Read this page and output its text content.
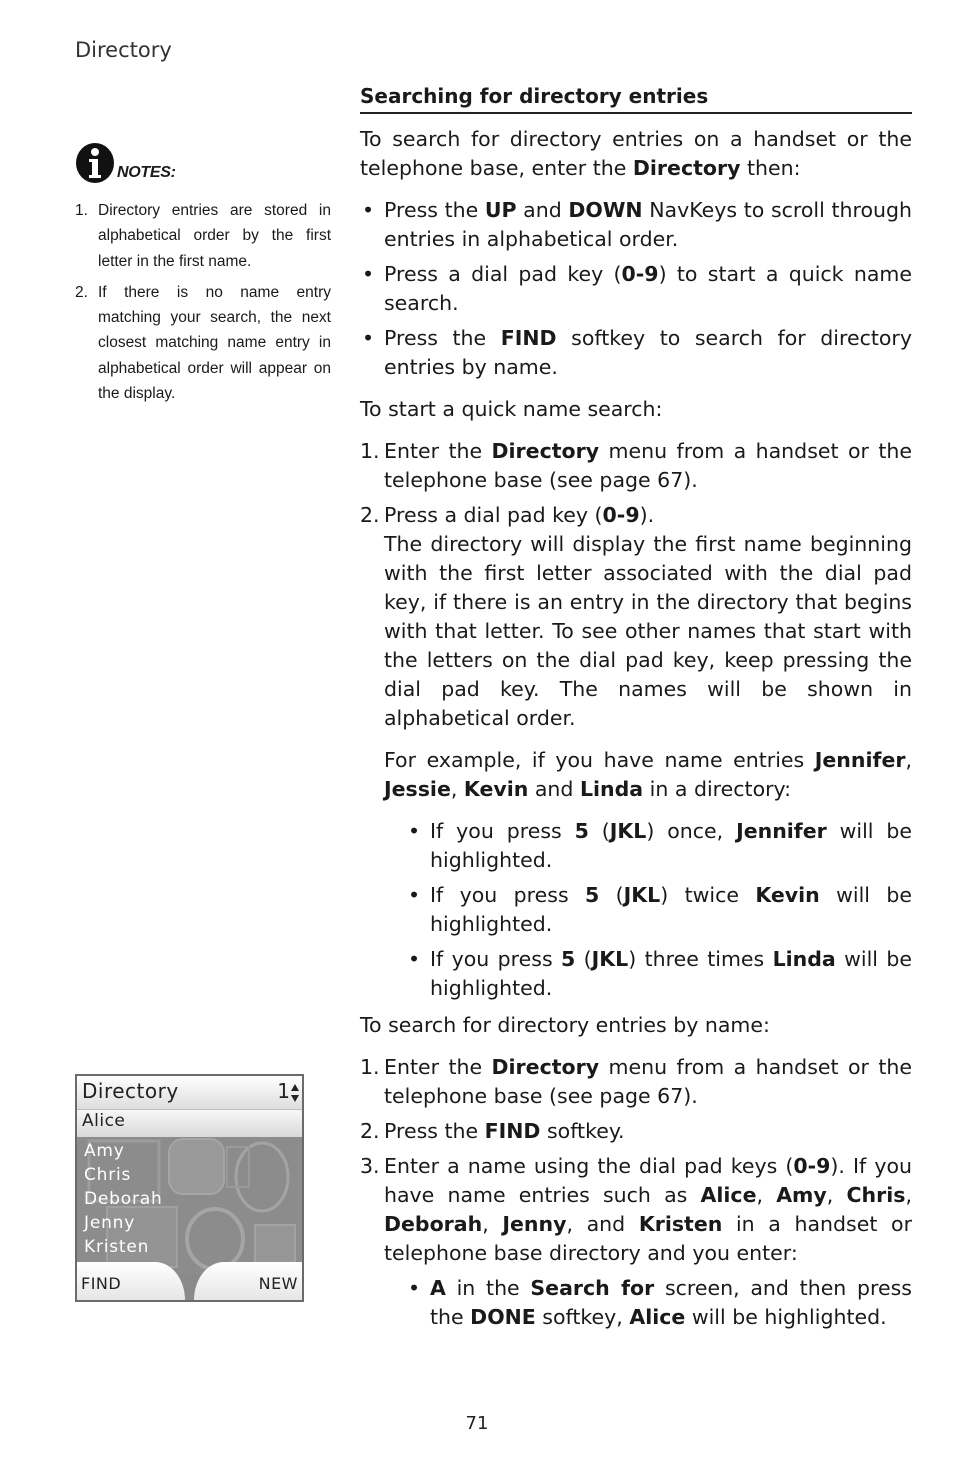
Directory
NOTES:
1. Directory entries are stored in alphabetical order by the first letter in the first name.
2. If there is no name entry matching your search, the next closest matching name entry in alphabetical order will appear on the display.
Searching for directory entries

To search for directory entries on a handset or the telephone base, enter the Directory then:

• Press the UP and DOWN NavKeys to scroll through entries in alphabetical order.
• Press a dial pad key (0-9) to start a quick name search.
• Press the FIND softkey to search for directory entries by name.

To start a quick name search:

1. Enter the Directory menu from a handset or the telephone base (see page 67).
2. Press a dial pad key (0-9).

The directory will display the first name beginning with the first letter associated with the dial pad key, if there is an entry in the directory that begins with that letter. To see other names that start with the letters on the dial pad key, keep pressing the dial pad key. The names will be shown in alphabetical order.

For example, if you have name entries Jennifer, Jessie, Kevin and Linda in a directory:

• If you press 5 (JKL) once, Jennifer will be highlighted.
• If you press 5 (JKL) twice Kevin will be highlighted.
• If you press 5 (JKL) three times Linda will be highlighted.

To search for directory entries by name:

1. Enter the Directory menu from a handset or the telephone base (see page 67).
2. Press the FIND softkey.
3. Enter a name using the dial pad keys (0-9). If you have name entries such as Alice, Amy, Chris, Deborah, Jenny, and Kristen in a handset or telephone base directory and you enter:
• A in the Search for screen, and then press the DONE softkey, Alice will be highlighted.
Directory	1
Alice
Amy
Chris
Deborah
Jenny
Kristen
FIND	NEW
71
